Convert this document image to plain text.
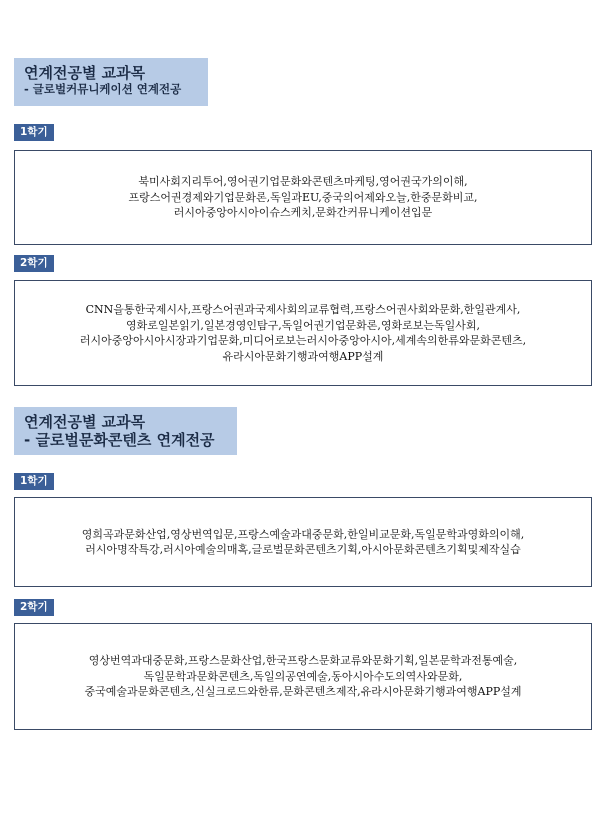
연계전공별 교과목
- 글로벌커뮤니케이션 연계전공
1학기
북미사회지리투어,영어권기업문화와콘텐츠마케팅,영어권국가의이해,
프랑스어권경제와기업문화론,독일과EU,중국의어제와오늘,한중문화비교,
러시아중앙아시아이슈스케치,문화간커뮤니케이션입문
2학기
CNN을통한국제시사,프랑스어권과국제사회의교류협력,프랑스어권사회와문화,한일관계사,
영화로일본읽기,일본경영인탐구,독일어권기업문화론,영화로보는독일사회,
러시아중앙아시아시장과기업문화,미디어로보는러시아중앙아시아,세계속의한류와문화콘텐츠,
유라시아문화기행과여행APP설계
연계전공별 교과목
- 글로벌문화콘텐츠 연계전공
1학기
영희곡과문화산업,영상번역입문,프랑스예술과대중문화,한일비교문화,독일문학과영화의이해,
러시아명작특강,러시아예술의매혹,글로벌문화콘텐츠기획,아시아문화콘텐츠기획및제작실습
2학기
영상번역과대중문화,프랑스문화산업,한국프랑스문화교류와문화기획,일본문학과전통예술,
독일문학과문화콘텐츠,독일의공연예술,동아시아수도의역사와문화,
중국예술과문화콘텐츠,신실크로드와한류,문화콘텐츠제작,유라시아문화기행과여행APP설계
